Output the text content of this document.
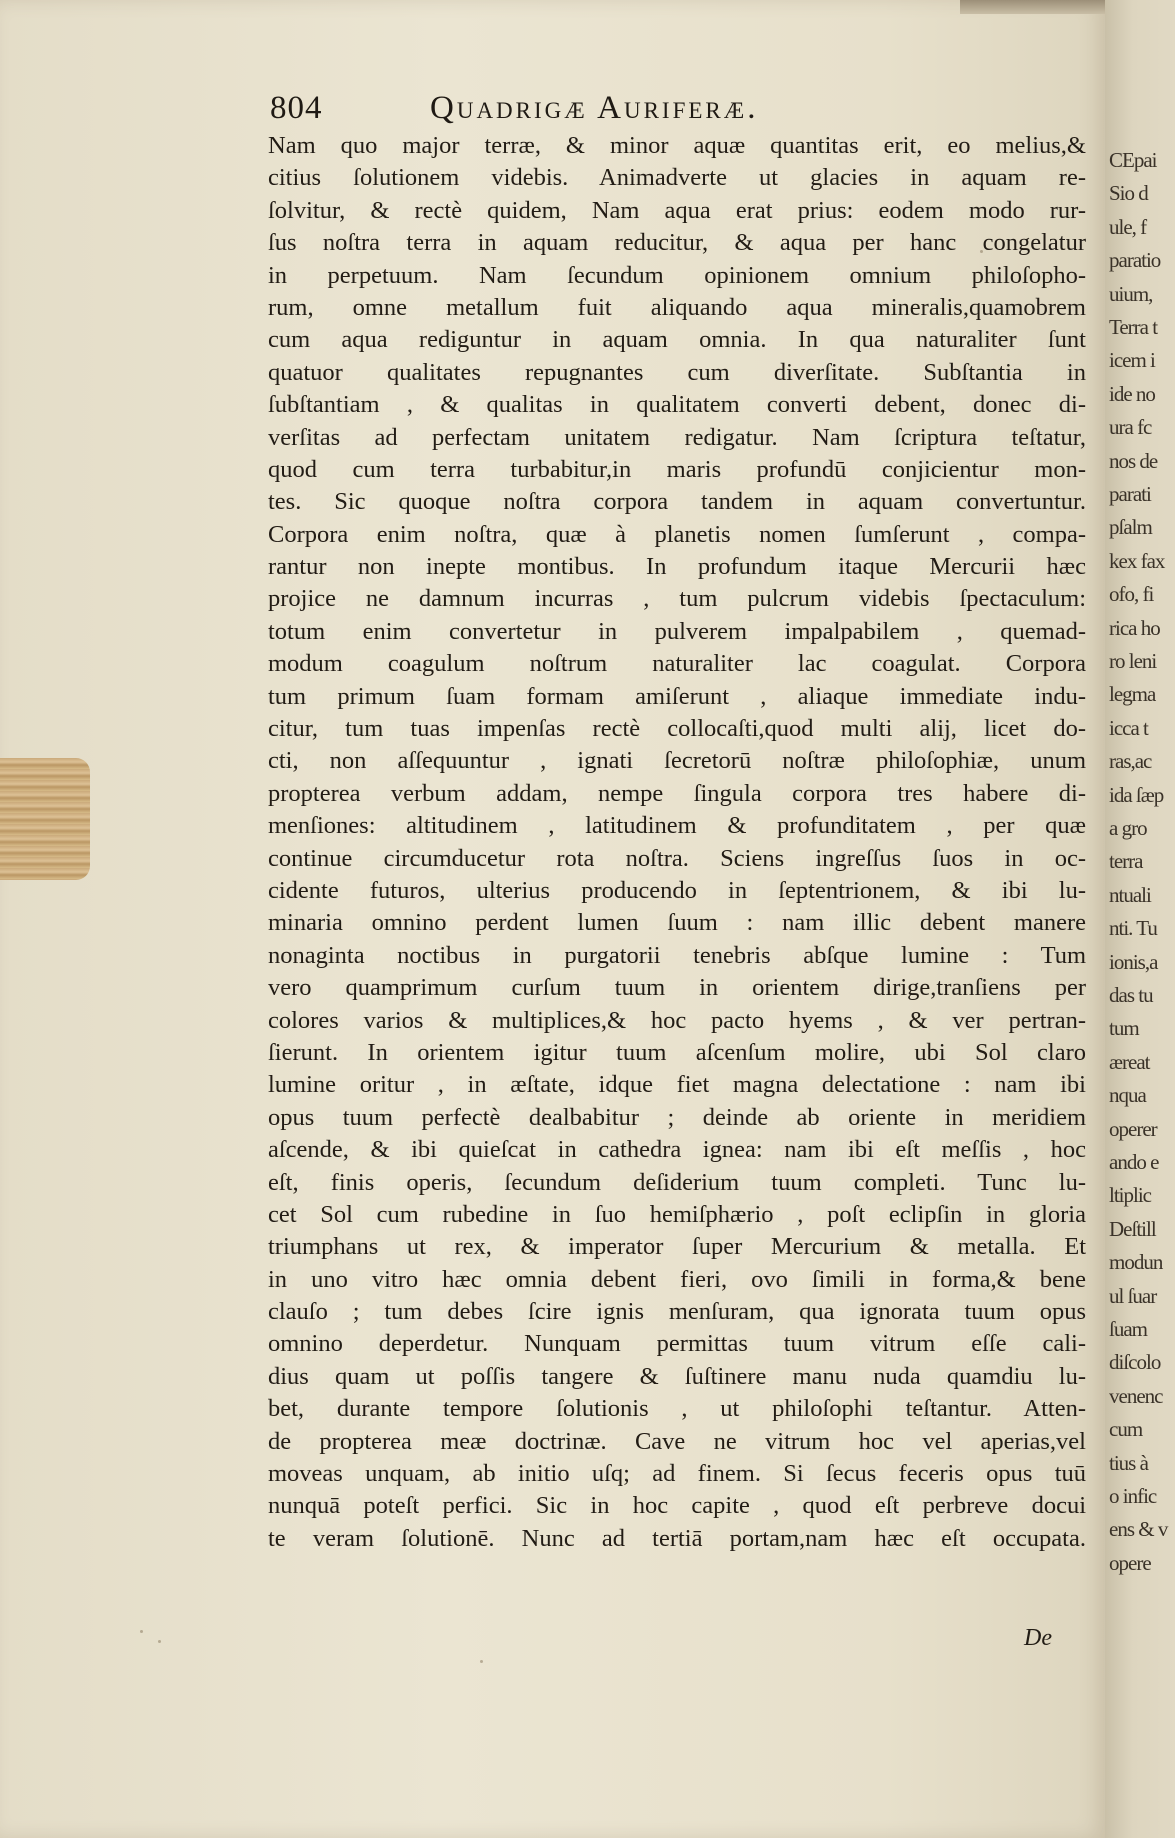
804	Quadrigæ Auriferæ.
Nam quo major terræ, & minor aquæ quantitas erit, eo melius,&
citius ſolutionem videbis. Animadverte ut glacies in aquam re-
ſolvitur, & rectè quidem, Nam aqua erat prius: eodem modo rur-
ſus noſtra terra in aquam reducitur, & aqua per hanc congelatur
in perpetuum. Nam ſecundum opinionem omnium philoſopho-
rum, omne metallum fuit aliquando aqua mineralis,quamobrem
cum aqua rediguntur in aquam omnia. In qua naturaliter ſunt
quatuor qualitates repugnantes cum diverſitate. Subſtantia in
ſubſtantiam , & qualitas in qualitatem converti debent, donec di-
verſitas ad perfectam unitatem redigatur. Nam ſcriptura teſtatur,
quod cum terra turbabitur,in maris profundū conjicientur mon-
tes. Sic quoque noſtra corpora tandem in aquam convertuntur.
Corpora enim noſtra, quæ à planetis nomen ſumſerunt , compa-
rantur non inepte montibus. In profundum itaque Mercurii hæc
projice ne damnum incurras , tum pulcrum videbis ſpectaculum:
totum enim convertetur in pulverem impalpabilem , quemad-
modum coagulum noſtrum naturaliter lac coagulat. Corpora
tum primum ſuam formam amiſerunt , aliaque immediate indu-
citur, tum tuas impenſas rectè collocaſti,quod multi alij, licet do-
cti, non aſſequuntur , ignati ſecretorū noſtræ philoſophiæ, unum
propterea verbum addam, nempe ſingula corpora tres habere di-
menſiones: altitudinem , latitudinem & profunditatem , per quæ
continue circumducetur rota noſtra. Sciens ingreſſus ſuos in oc-
cidente futuros, ulterius producendo in ſeptentrionem, & ibi lu-
minaria omnino perdent lumen ſuum : nam illic debent manere
nonaginta noctibus in purgatorii tenebris abſque lumine : Tum
vero quamprimum curſum tuum in orientem dirige,tranſiens per
colores varios & multiplices,& hoc pacto hyems , & ver pertran-
ſierunt. In orientem igitur tuum aſcenſum molire, ubi Sol claro
lumine oritur , in æſtate, idque fiet magna delectatione : nam ibi
opus tuum perfectè dealbabitur ; deinde ab oriente in meridiem
aſcende, & ibi quieſcat in cathedra ignea: nam ibi eſt meſſis , hoc
eſt, finis operis, ſecundum deſiderium tuum completi. Tunc lu-
cet Sol cum rubedine in ſuo hemiſphærio , poſt eclipſin in gloria
triumphans ut rex, & imperator ſuper Mercurium & metalla. Et
in uno vitro hæc omnia debent fieri, ovo ſimili in forma,& bene
clauſo ; tum debes ſcire ignis menſuram, qua ignorata tuum opus
omnino deperdetur. Nunquam permittas tuum vitrum eſſe cali-
dius quam ut poſſis tangere & ſuſtinere manu nuda quamdiu lu-
bet, durante tempore ſolutionis , ut philoſophi teſtantur. Atten-
de propterea meæ doctrinæ. Cave ne vitrum hoc vel aperias,vel
moveas unquam, ab initio uſq; ad finem. Si ſecus feceris opus tuū
nunquā poteſt perfici. Sic in hoc capite , quod eſt perbreve docui
te veram ſolutionē. Nunc ad tertiā portam,nam hæc eſt occupata.
De
CEpai
Sio d
ule, f
paratio
uium,
Terra t
icem i
ide no
ura fc
nos de
parati
pſalm
kex fax
ofo, fi
rica ho
ro leni
legma
icca t
ras,ac
ida ſæp
a gro
terra
ntuali
nti. Tu
ionis,a
das tu
tum
æreat
nqua
operer
ando e
ltiplic
Deſtill
modun
ul ſuar
ſuam
diſcolo
venenc
cum
tius à
o infic
ens & v
opere
